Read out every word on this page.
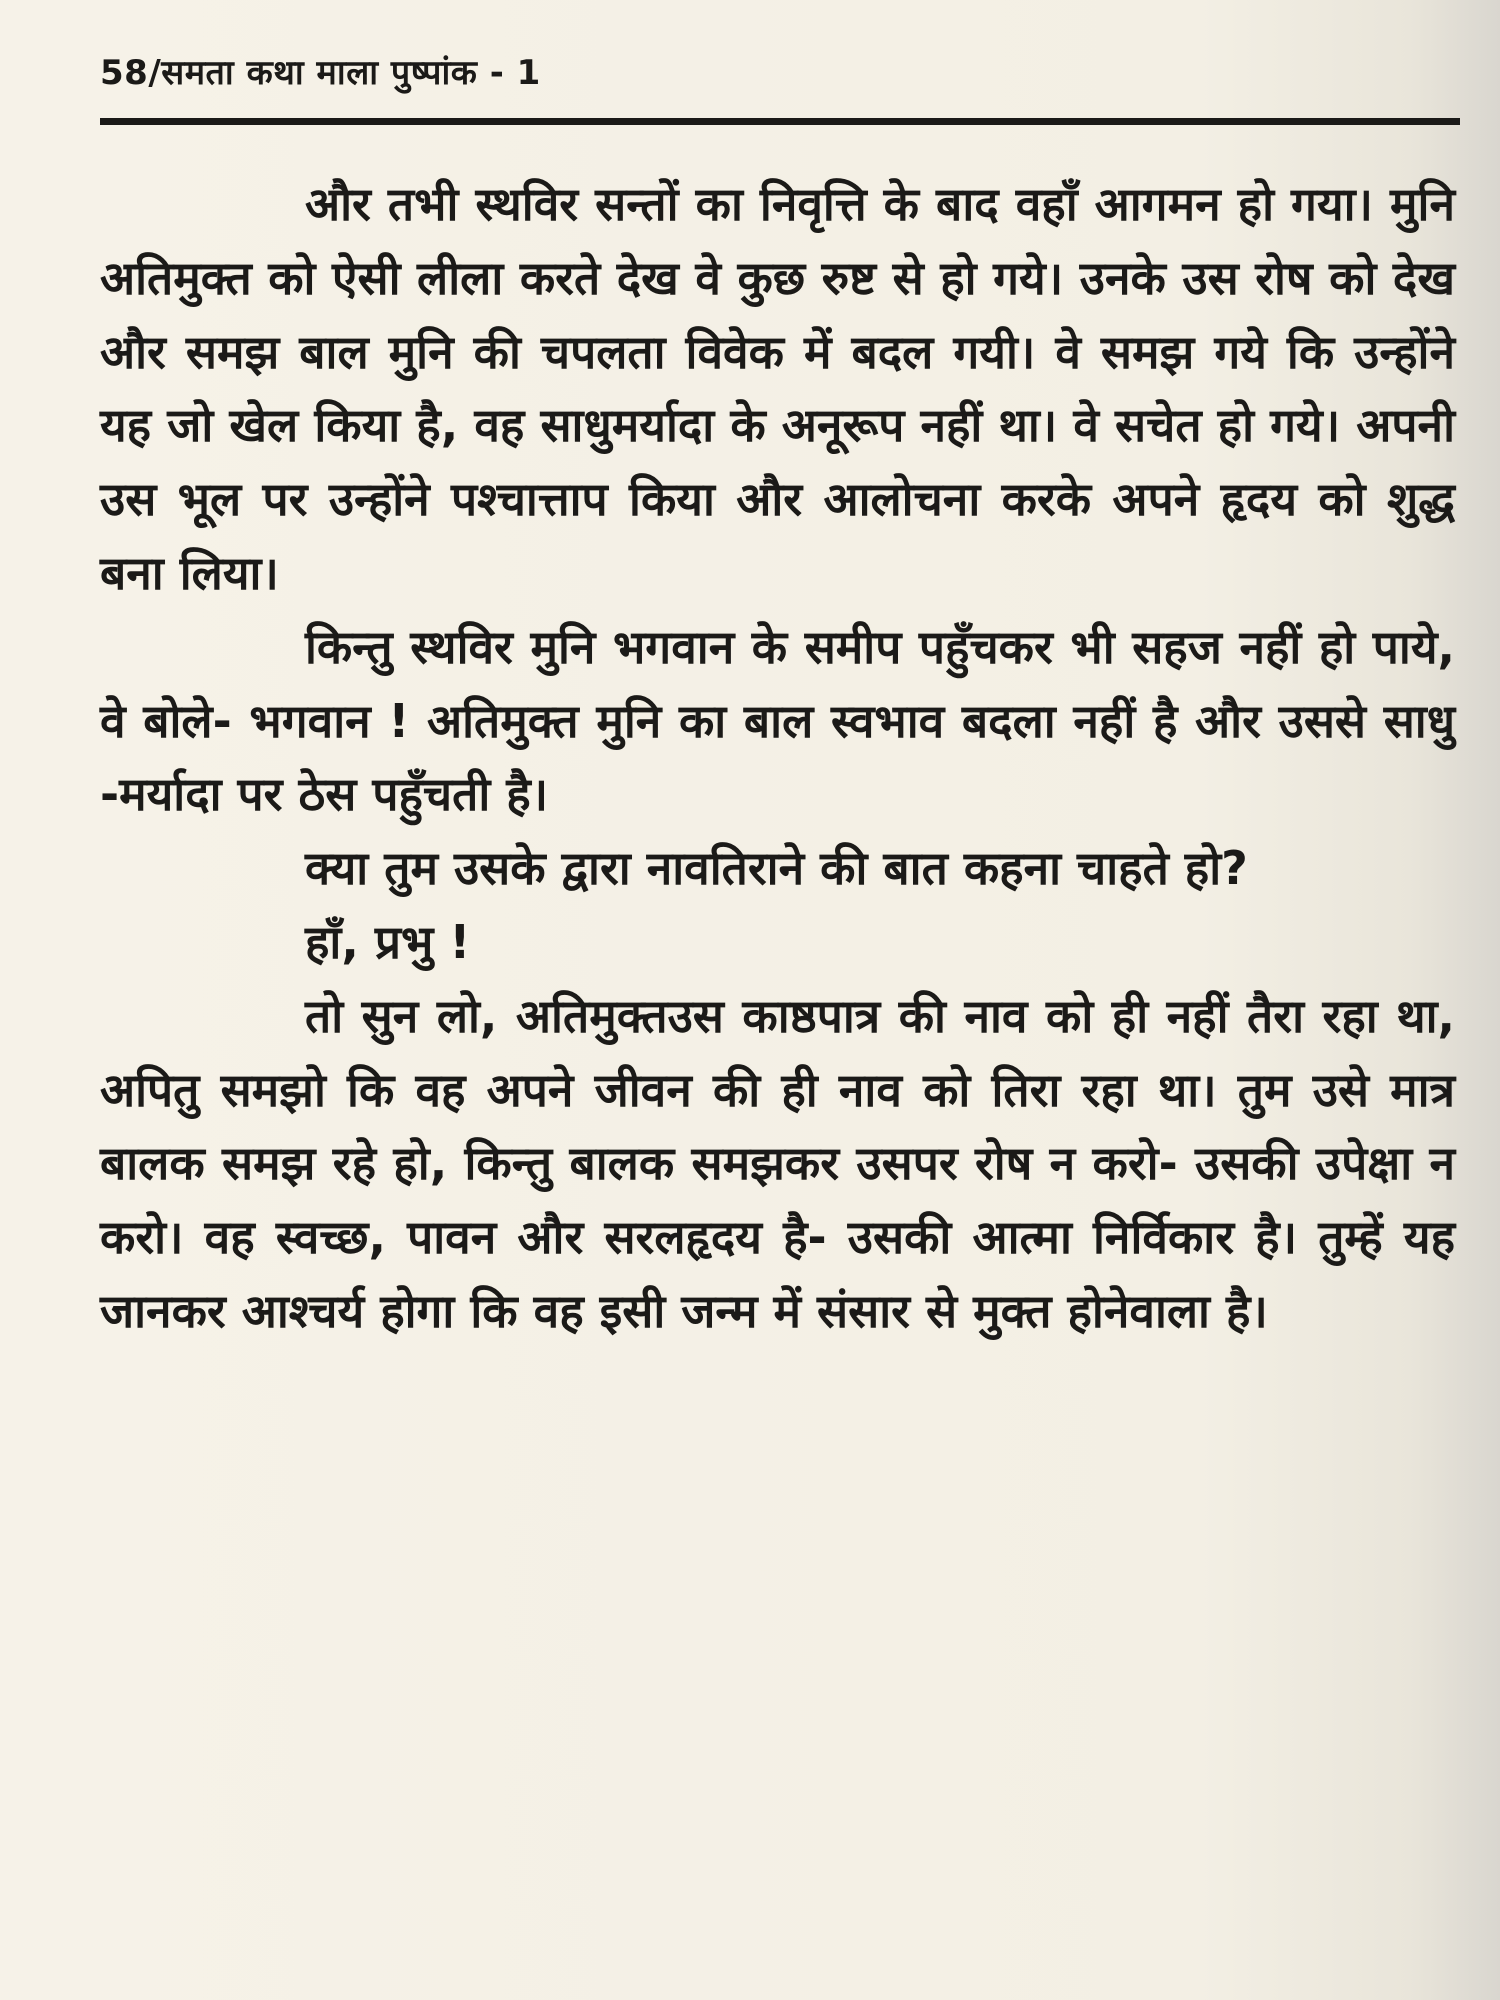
58/समता कथा माला पुष्पांक - 1

और तभी स्थविर सन्तों का निवृत्ति के बाद वहाँ आगमन हो गया। मुनि अतिमुक्त को ऐसी लीला करते देख वे कुछ रुष्ट से हो गये। उनके उस रोष को देख और समझ बाल मुनि की चपलता विवेक में बदल गयी। वे समझ गये कि उन्होंने यह जो खेल किया है, वह साधुमर्यादा के अनूरूप नहीं था। वे सचेत हो गये। अपनी उस भूल पर उन्होंने पश्चात्ताप किया और आलोचना करके अपने हृदय को शुद्ध बना लिया।

किन्तु स्थविर मुनि भगवान के समीप पहुँचकर भी सहज नहीं हो पाये, वे बोले- भगवान ! अतिमुक्त मुनि का बाल स्वभाव बदला नहीं है और उससे साधु -मर्यादा पर ठेस पहुँचती है।

क्या तुम उसके द्वारा नावतिराने की बात कहना चाहते हो?

हाँ, प्रभु !

तो सुन लो, अतिमुक्तउस काष्ठपात्र की नाव को ही नहीं तैरा रहा था, अपितु समझो कि वह अपने जीवन की ही नाव को तिरा रहा था। तुम उसे मात्र बालक समझ रहे हो, किन्तु बालक समझकर उसपर रोष न करो- उसकी उपेक्षा न करो। वह स्वच्छ, पावन और सरलहृदय है- उसकी आत्मा निर्विकार है। तुम्हें यह जानकर आश्चर्य होगा कि वह इसी जन्म में संसार से मुक्त होनेवाला है।
